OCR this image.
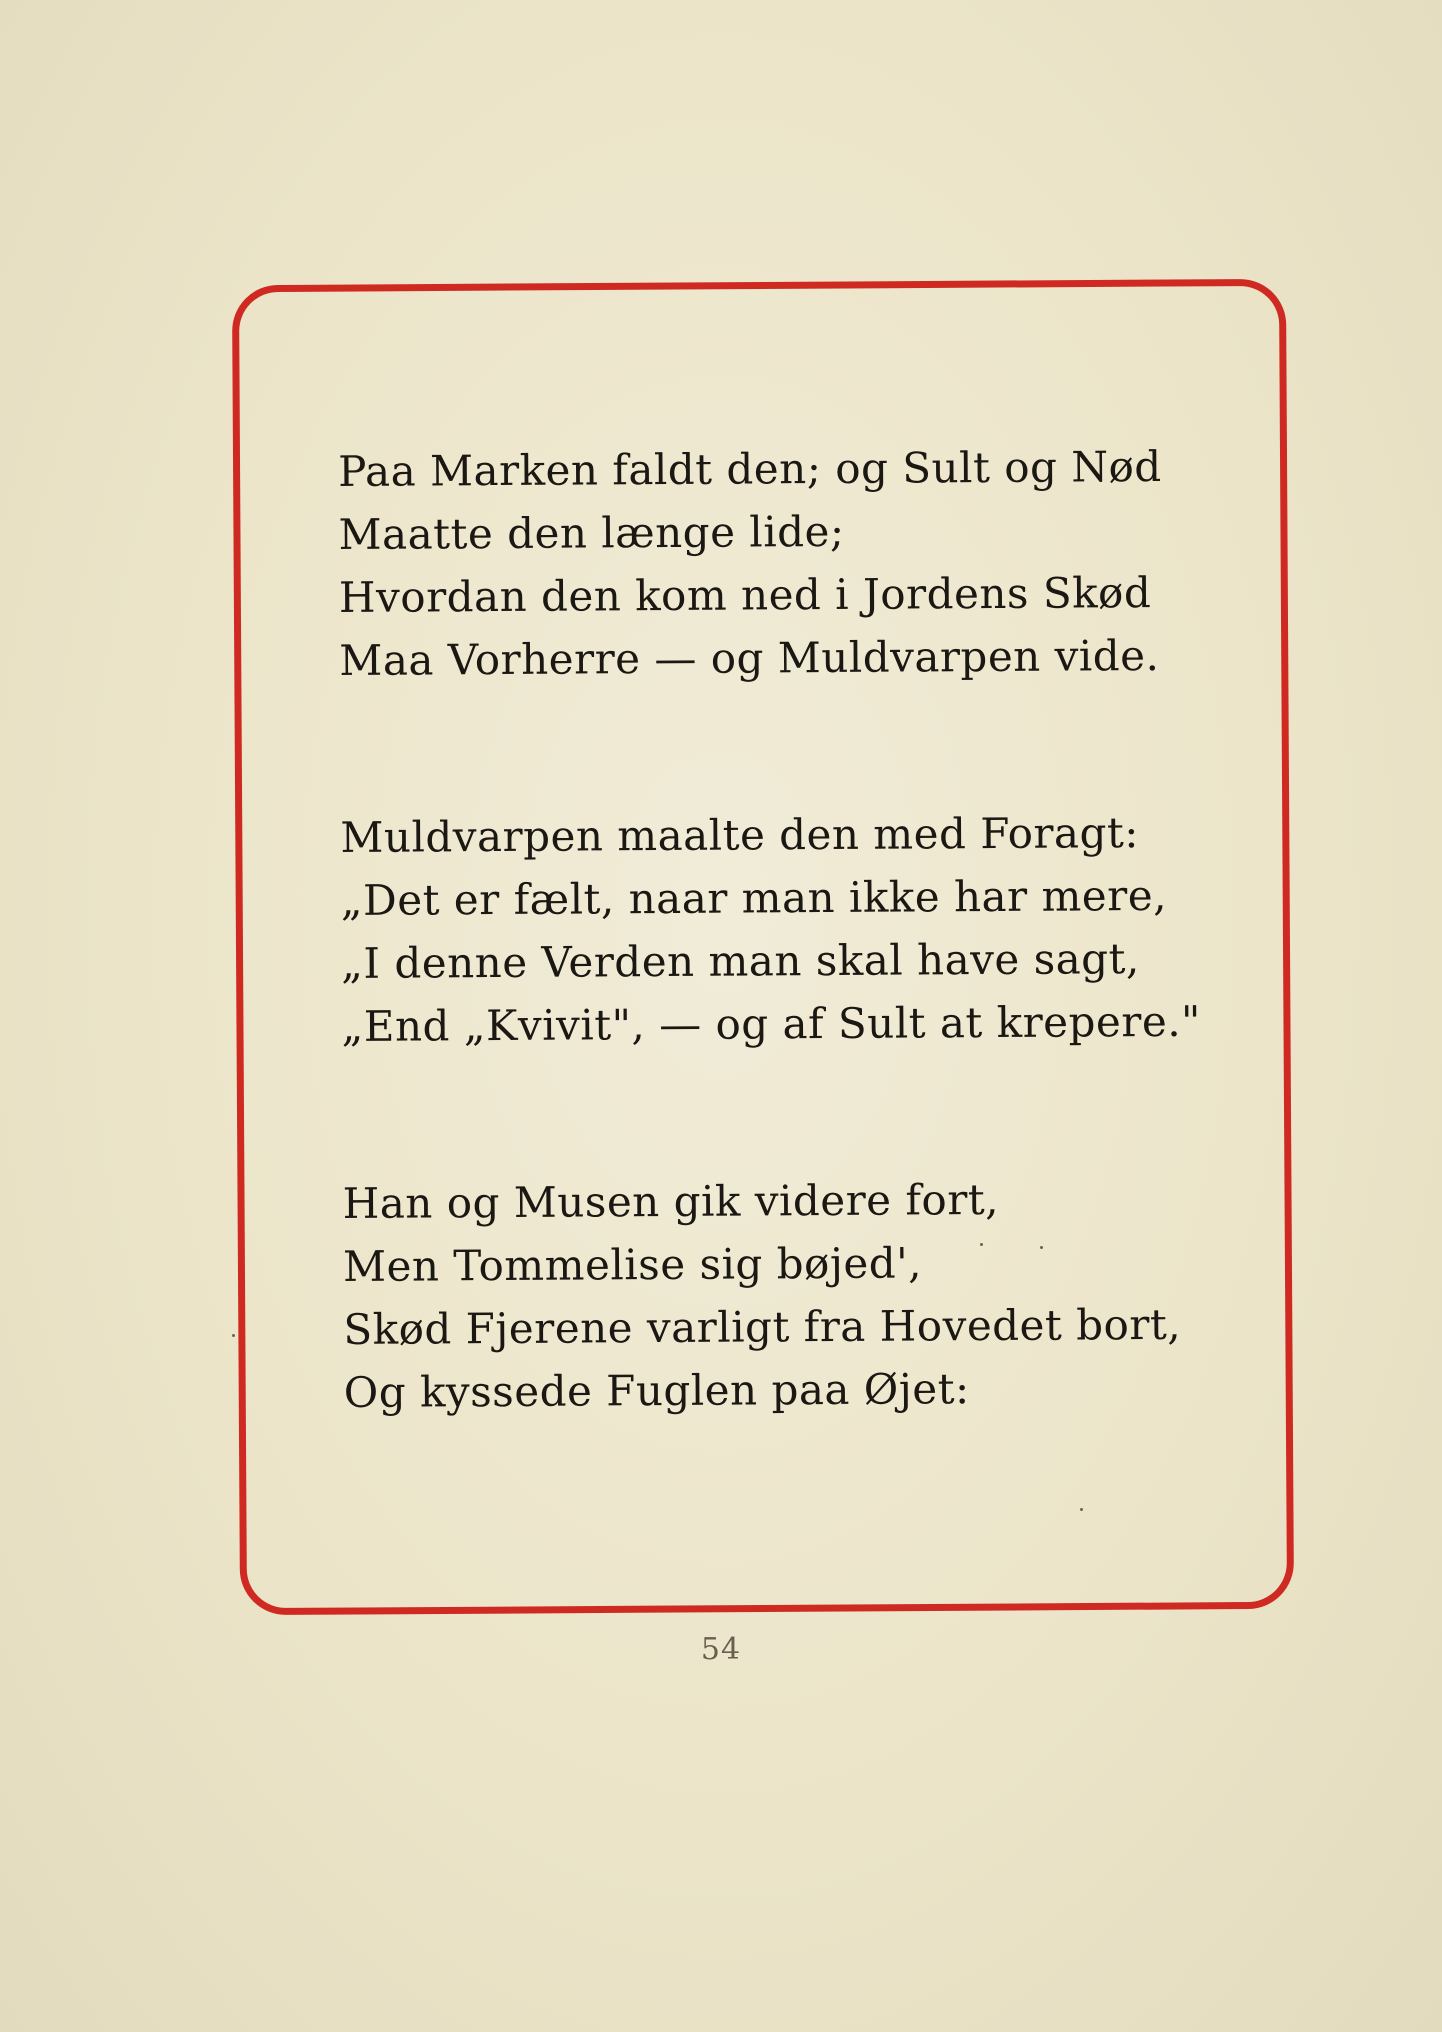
Paa Marken faldt den; og Sult og Nød
Maatte den længe lide;
Hvordan den kom ned i Jordens Skød
Maa Vorherre — og Muldvarpen vide.
Muldvarpen maalte den med Foragt:
„Det er fælt, naar man ikke har mere,
„I denne Verden man skal have sagt,
„End „Kvivit", — og af Sult at krepere."
Han og Musen gik videre fort,
Men Tommelise sig bøjed',
Skød Fjerene varligt fra Hovedet bort,
Og kyssede Fuglen paa Øjet:
54
